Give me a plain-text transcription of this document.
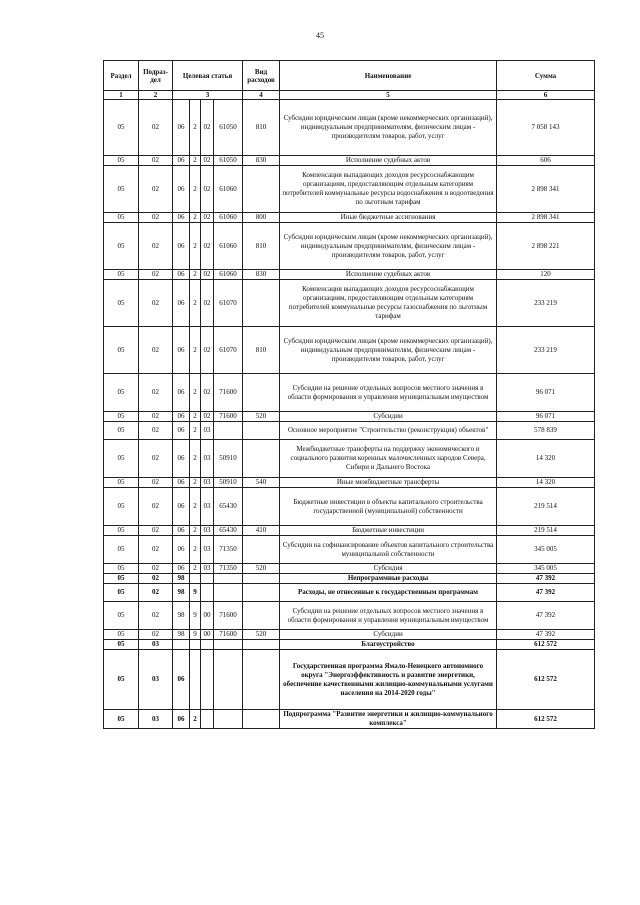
45
Раздел	Подраз-дел	Целевая статья				Вид расходов	Наименование	Сумма
1	2	3				4	5	6
05	02	06	2	02	61050	810	Субсидии юридическим лицам (кроме некоммерческих организаций), индивидуальным предпринимателям, физическим лицам - производителям товаров, работ, услуг	7 058 143
05	02	06	2	02	61050	830	Исполнение судебных актов	606
05	02	06	2	02	61060		Компенсация выпадающих доходов ресурсоснабжающим организациям, предоставляющим отдельным категориям потребителей коммунальные ресурсы водоснабжения и водоотведения по льготным тарифам	2 898 341
05	02	06	2	02	61060	800	Иные бюджетные ассигнования	2 898 341
05	02	06	2	02	61060	810	Субсидии юридическим лицам (кроме некоммерческих организаций), индивидуальным предпринимателям, физическим лицам - производителям товаров, работ, услуг	2 898 221
05	02	06	2	02	61060	830	Исполнение судебных актов	120
05	02	06	2	02	61070		Компенсация выпадающих доходов ресурсоснабжающим организациям, предоставляющим отдельным категориям потребителей коммунальные ресурсы газоснабжения по льготным тарифам	233 219
05	02	06	2	02	61070	810	Субсидии юридическим лицам (кроме некоммерческих организаций), индивидуальным предпринимателям, физическим лицам - производителям товаров, работ, услуг	233 219
05	02	06	2	02	71600		Субсидии на решение отдельных вопросов местного значения в области формирования и управления муниципальным имуществом	96 071
05	02	06	2	02	71600	520	Субсидии	96 071
05	02	06	2	03			Основное мероприятие "Строительство (реконструкция) объектов"	578 839
05	02	06	2	03	50910		Межбюджетные трансферты на поддержку экономического и социального развития коренных малочисленных народов Севера, Сибири и Дальнего Востока	14 320
05	02	06	2	03	50910	540	Иные межбюджетные трансферты	14 320
05	02	06	2	03	65430		Бюджетные инвестиции в объекты капитального строительства государственной (муниципальной) собственности	219 514
05	02	06	2	03	65430	410	Бюджетные инвестиции	219 514
05	02	06	2	03	71350		Субсидии на софинансирование объектов капитального строительства муниципальной собственности	345 005
05	02	06	2	03	71350	520	Субсидия	345 005
05	02	98					Непрограммные расходы	47 392
05	02	98	9				Расходы, не отнесенные к государственным программам	47 392
05	02	98	9	00	71600		Субсидии на решение отдельных вопросов местного значения в области формирования и управления муниципальным имуществом	47 392
05	02	98	9	00	71600	520	Субсидии	47 392
05	03						Благоустройство	612 572
05	03	06					Государственная программа Ямало-Ненецкого автономного округа "Энергоэффективность и развитие энергетики, обеспечение качественными жилищно-коммунальными услугами населения на 2014-2020 годы"	612 572
05	03	06	2				Подпрограмма "Развитие энергетики и жилищно-коммунального комплекса"	612 572
